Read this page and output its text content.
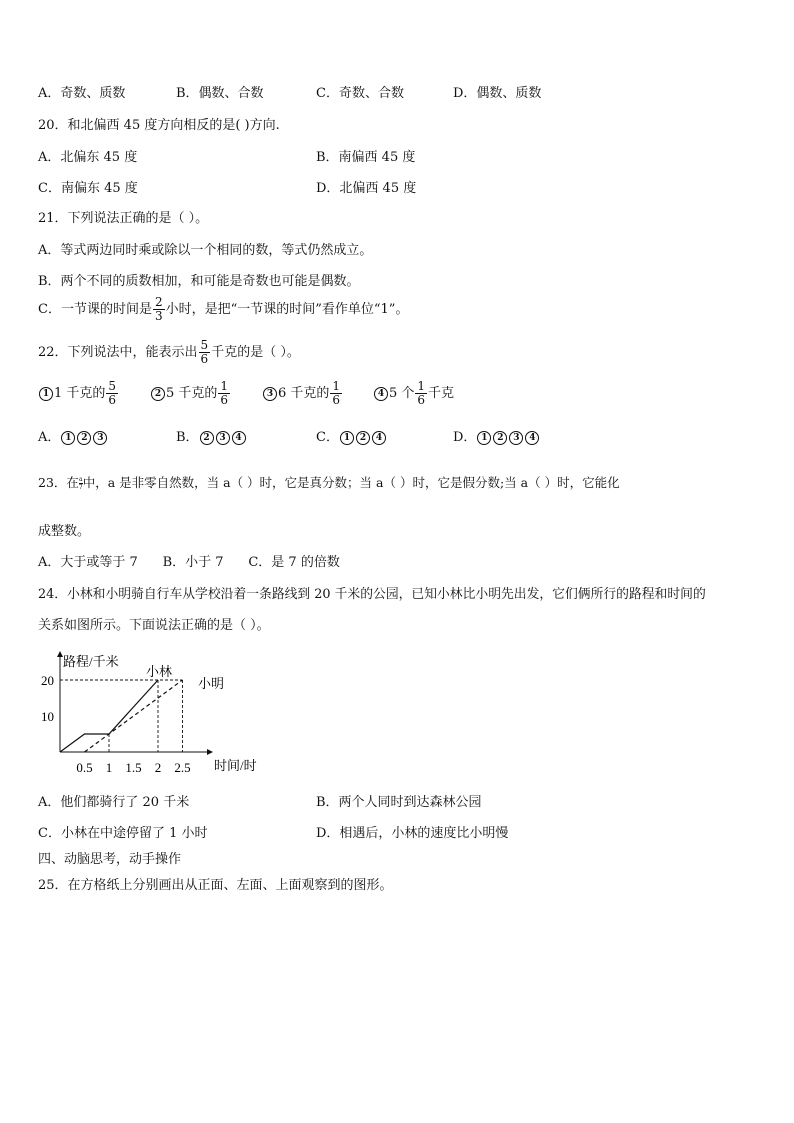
A．奇数、质数	B．偶数、合数	C．奇数、合数	D．偶数、质数
20．和北偏西 45 度方向相反的是( )方向.
A．北偏东 45 度	B．南偏西 45 度
C．南偏东 45 度	D．北偏西 45 度
21．下列说法正确的是（ ）。
A．等式两边同时乘或除以一个相同的数，等式仍然成立。
B．两个不同的质数相加，和可能是奇数也可能是偶数。
C．一节课的时间是 $\frac{2}{3}$ 小时，是把“一节课的时间”看作单位“1”。
22．下列说法中，能表示出 $\frac{5}{6}$ 千克的是（ ）。
1 1 千克的 $\frac{5}{6}$	2 5 千克的 $\frac{1}{6}$	3 6 千克的 $\frac{1}{6}$	4 5 个 $\frac{1}{6}$ 千克
A． 1 2 3	B． 2 3 4	C． 1 2 4	D． 1 2 3 4
23．在 $\frac{a}{7}$ 中，a 是非零自然数，当 a（ ）时，它是真分数；当 a（ ）时，它是假分数;当 a（ ）时，它能化
成整数。
A．大于或等于 7      B．小于 7      C．是 7 的倍数
24．小林和小明骑自行车从学校沿着一条路线到 20 千米的公园，已知小林比小明先出发，它们俩所行的路程和时间的
关系如图所示。下面说法正确的是（ ）。
路程/千米
时间/时
0.5 1 1.5 2 2.5
10
20
小林
小明
A．他们都骑行了 20 千米	B．两个人同时到达森林公园
C．小林在中途停留了 1 小时	D．相遇后，小林的速度比小明慢
四、动脑思考，动手操作
25．在方格纸上分别画出从正面、左面、上面观察到的图形。
